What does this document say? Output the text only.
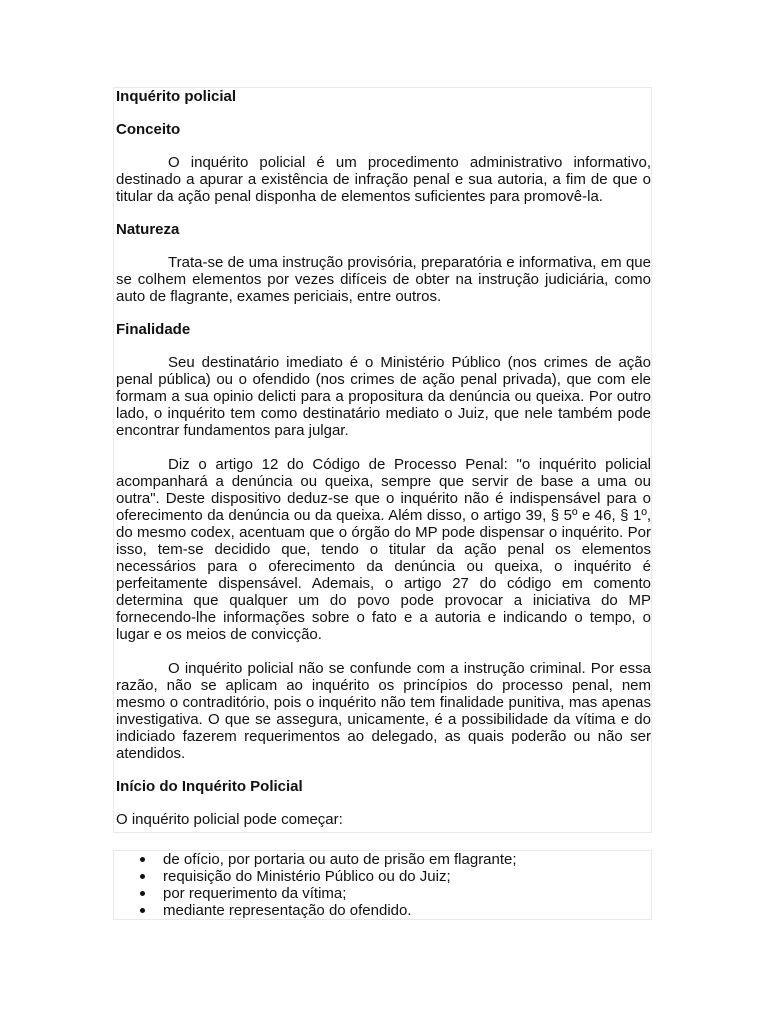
Inquérito policial
Conceito

O inquérito policial é um procedimento administrativo informativo, destinado a apurar a existência de infração penal e sua autoria, a fim de que o titular da ação penal disponha de elementos suficientes para promovê-la.

Natureza

Trata-se de uma instrução provisória, preparatória e informativa, em que se colhem elementos por vezes difíceis de obter na instrução judiciária, como auto de flagrante, exames periciais, entre outros.

Finalidade

Seu destinatário imediato é o Ministério Público (nos crimes de ação penal pública) ou o ofendido (nos crimes de ação penal privada), que com ele formam a sua opinio delicti para a propositura da denúncia ou queixa. Por outro lado, o inquérito tem como destinatário mediato o Juiz, que nele também pode encontrar fundamentos para julgar.

Diz o artigo 12 do Código de Processo Penal: "o inquérito policial acompanhará a denúncia ou queixa, sempre que servir de base a uma ou outra". Deste dispositivo deduz-se que o inquérito não é indispensável para o oferecimento da denúncia ou da queixa. Além disso, o artigo 39, § 5º e 46, § 1º, do mesmo codex, acentuam que o órgão do MP pode dispensar o inquérito. Por isso, tem-se decidido que, tendo o titular da ação penal os elementos necessários para o oferecimento da denúncia ou queixa, o inquérito é perfeitamente dispensável. Ademais, o artigo 27 do código em comento determina que qualquer um do povo pode provocar a iniciativa do MP fornecendo-lhe informações sobre o fato e a autoria e indicando o tempo, o lugar e os meios de convicção.

O inquérito policial não se confunde com a instrução criminal. Por essa razão, não se aplicam ao inquérito os princípios do processo penal, nem mesmo o contraditório, pois o inquérito não tem finalidade punitiva, mas apenas investigativa. O que se assegura, unicamente, é a possibilidade da vítima e do indiciado fazerem requerimentos ao delegado, as quais poderão ou não ser atendidos.

Início do Inquérito Policial

O inquérito policial pode começar:

de ofício, por portaria ou auto de prisão em flagrante;
requisição do Ministério Público ou do Juiz;
por requerimento da vítima;
mediante representação do ofendido.
